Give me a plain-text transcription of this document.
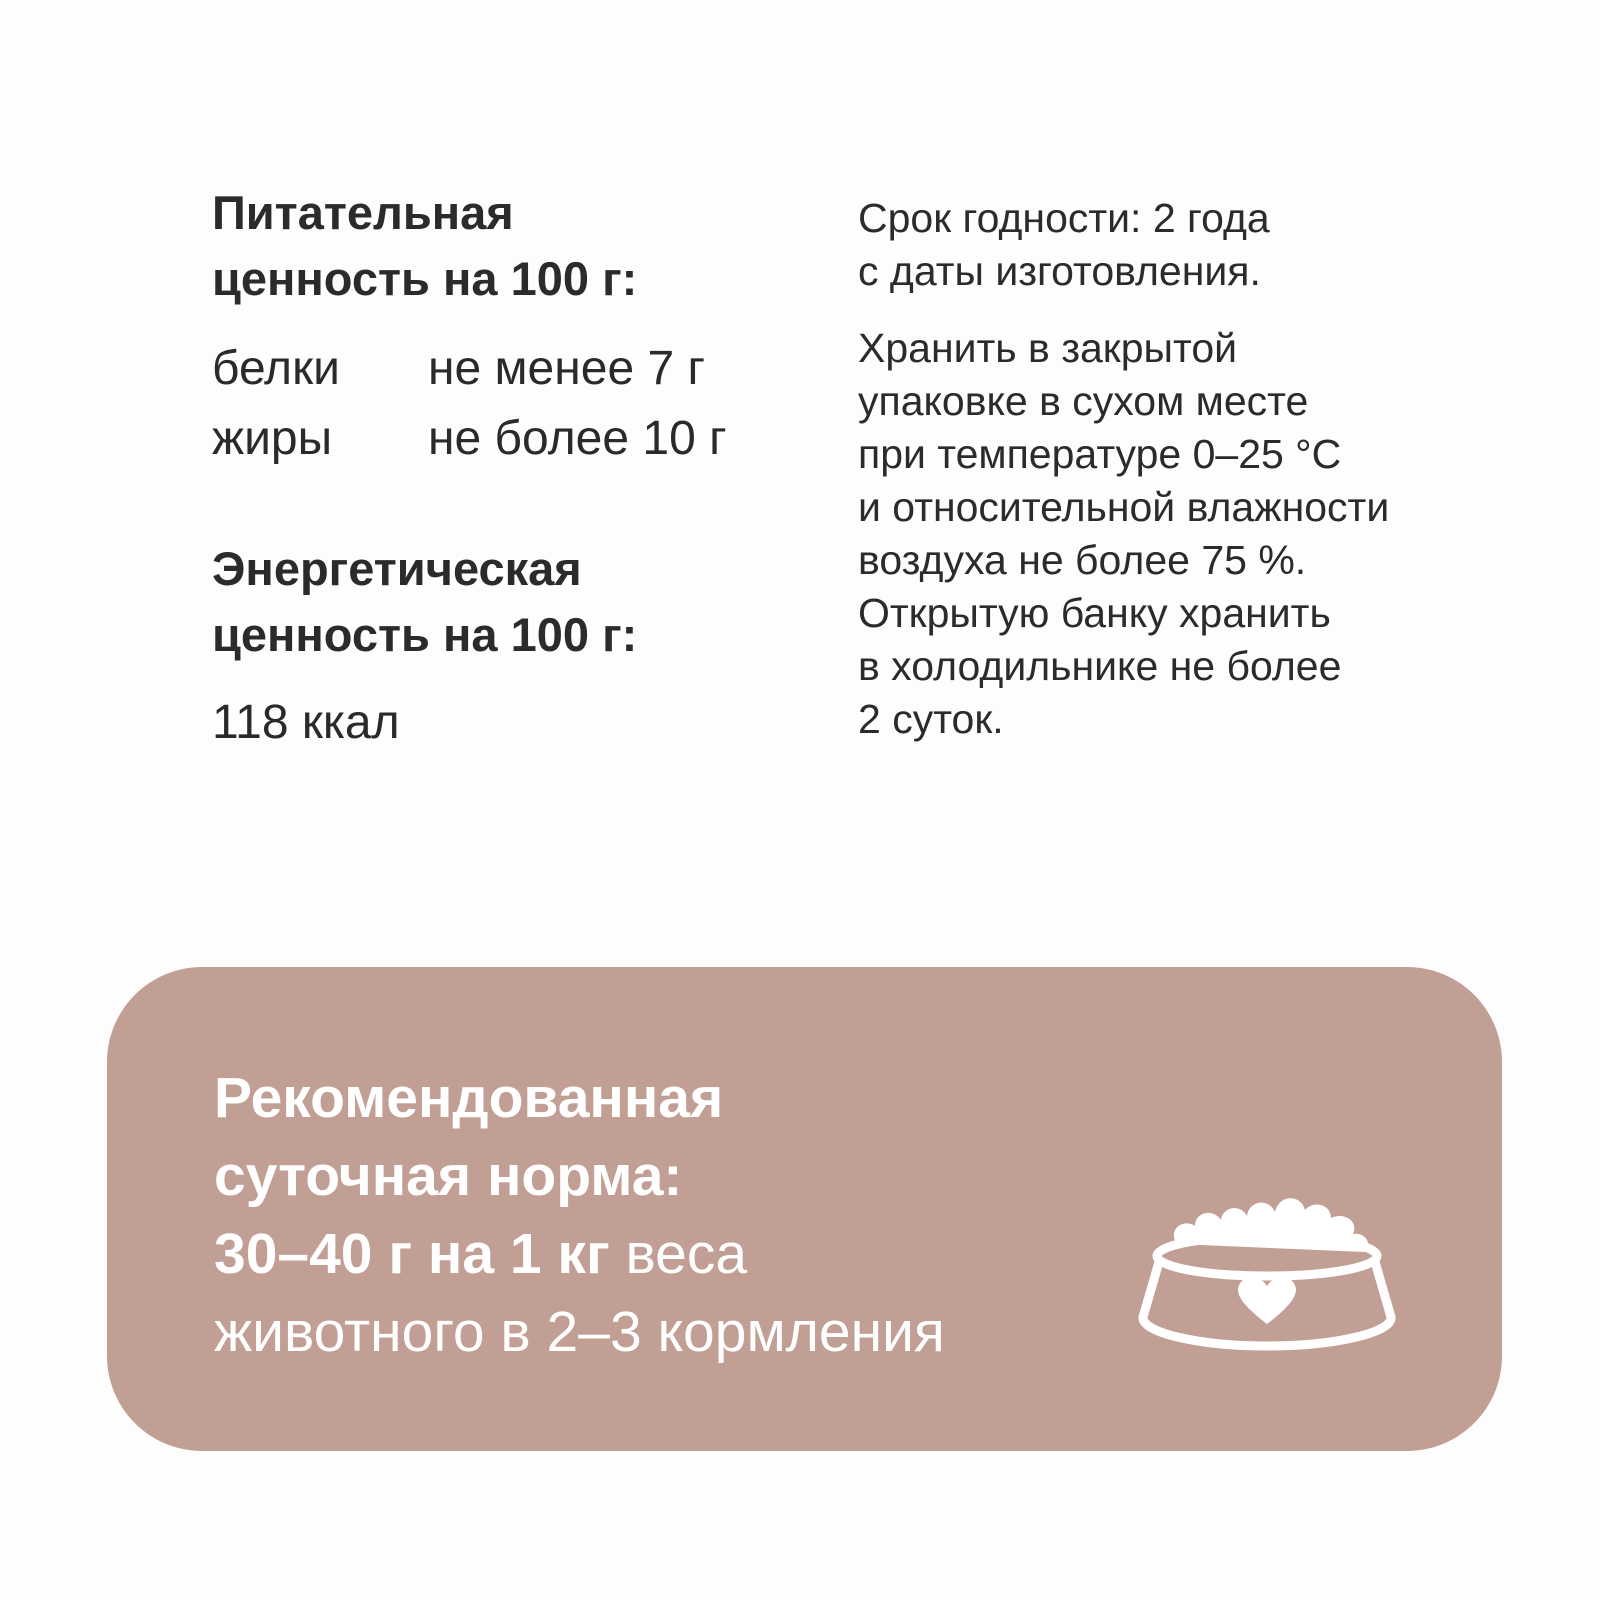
Питательная
ценность на 100 г:
белки	не менее 7 г
жиры	не более 10 г
Энергетическая
ценность на 100 г:
118 ккал

Срок годности: 2 года

с даты изготовления.

Хранить в закрытой

упаковке в сухом месте

при температуре 0–25 °C

и относительной влажности

воздуха не более 75 %.

Открытую банку хранить

в холодильнике не более

2 суток.

Рекомендованная
суточная норма:
30–40 г на 1 кг веса
животного в 2–3 кормления
